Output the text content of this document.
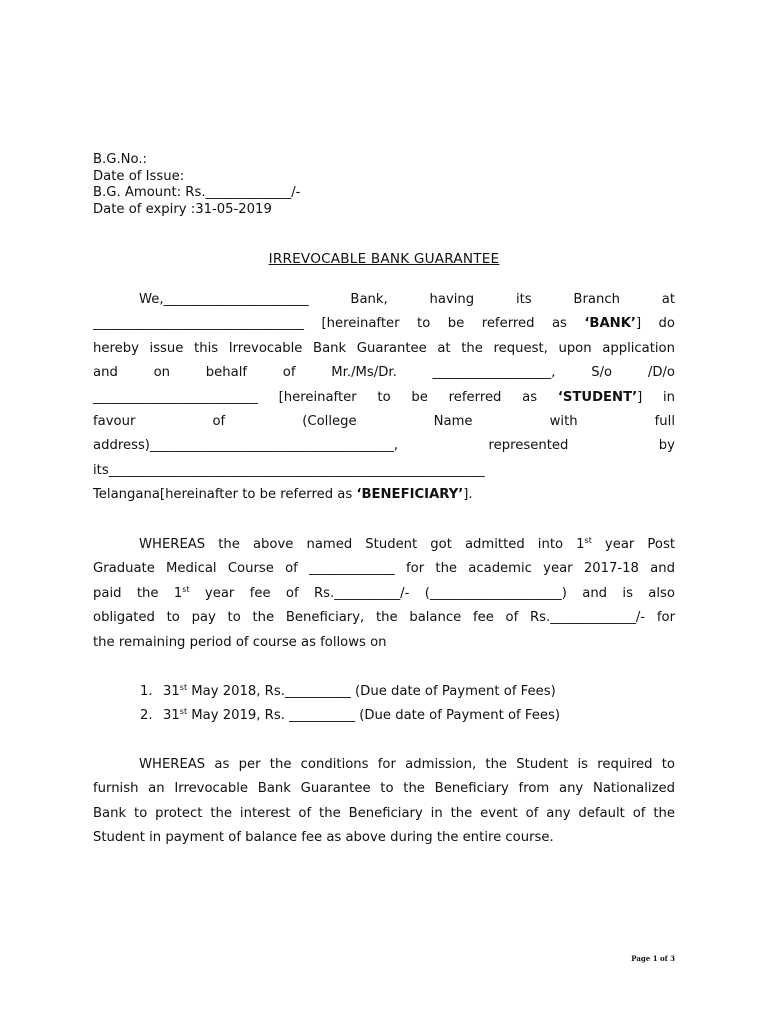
B.G.No.:
Date of Issue:
B.G. Amount: Rs._____________/-
Date of expiry :31-05-2019
IRREVOCABLE BANK GUARANTEE
We,______________________ Bank, having its Branch at
________________________________ [hereinafter to be referred as ‘BANK’] do
hereby issue this Irrevocable Bank Guarantee at the request, upon application
and on behalf of Mr./Ms/Dr. __________________, S/o /D/o
_________________________ [hereinafter to be referred as ‘STUDENT’] in
favour of (College Name with full
address)_____________________________________, represented by
its_________________________________________________________
Telangana[hereinafter to be referred as ‘BENEFICIARY’].
WHEREAS the above named Student got admitted into 1st year Post
Graduate Medical Course of _____________ for the academic year 2017-18 and
paid the 1st year fee of Rs.__________/- (____________________) and is also
obligated to pay to the Beneficiary, the balance fee of Rs._____________/- for
the remaining period of course as follows on
1. 31st May 2018, Rs.__________ (Due date of Payment of Fees)
2. 31st May 2019, Rs. __________ (Due date of Payment of Fees)
WHEREAS as per the conditions for admission, the Student is required to
furnish an Irrevocable Bank Guarantee to the Beneficiary from any Nationalized
Bank to protect the interest of the Beneficiary in the event of any default of the
Student in payment of balance fee as above during the entire course.
Page 1 of 3
